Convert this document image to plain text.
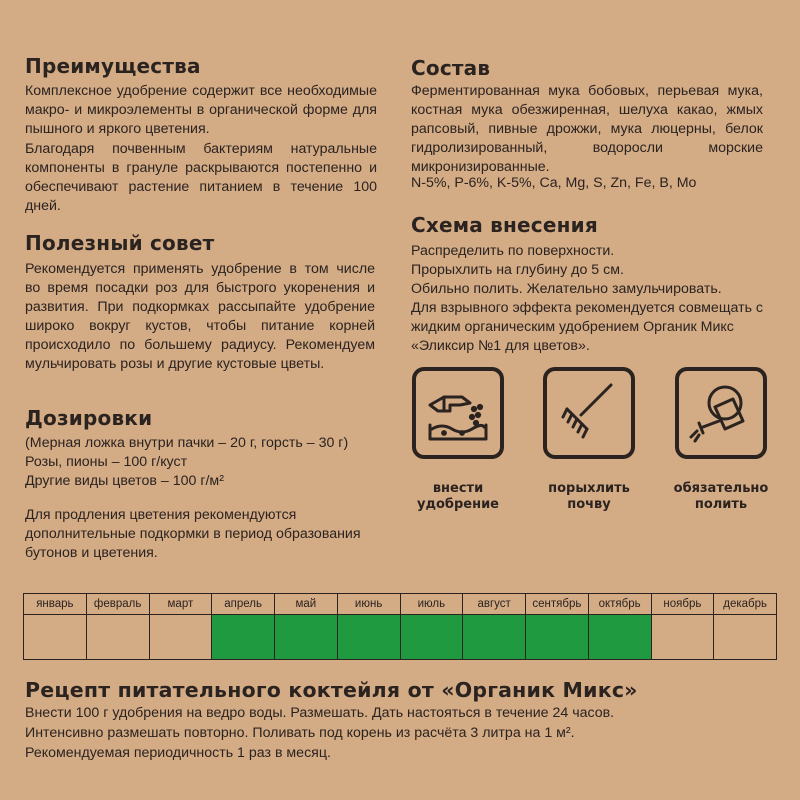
Преимущества

Комплексное удобрение содержит все необходимые макро- и микроэлементы в органической форме для пышного и яркого цветения.

Благодаря почвенным бактериям натуральные компоненты в грануле раскрываются постепенно и обеспечивают растение питанием в течение 100 дней.

Полезный совет

Рекомендуется применять удобрение в том числе во время посадки роз для быстрого укоренения и развития. При подкормках рассыпайте удобрение широко вокруг кустов, чтобы питание корней происходило по большему радиусу. Рекомендуем мульчировать розы и другие кустовые цветы.

Дозировки

(Мерная ложка внутри пачки – 20 г, горсть – 30 г)

Розы, пионы – 100 г/куст

Другие виды цветов – 100 г/м²

Для продления цветения рекомендуются дополнительные подкормки в период образования бутонов и цветения.

Состав

Ферментированная мука бобовых, перьевая мука, костная мука обезжиренная, шелуха какао, жмых рапсовый, пивные дрожжи, мука люцерны, белок гидролизированный, водоросли морские микронизированные.

N-5%, P-6%, K-5%, Ca, Mg, S, Zn, Fe, B, Mo

Схема внесения

Распределить по поверхности.

Прорыхлить на глубину до 5 см.

Обильно полить. Желательно замульчировать.

Для взрывного эффекта рекомендуется совмещать с жидким органическим удобрением Органик Микс «Эликсир №1 для цветов».

внести
удобрение
порыхлить
почву
обязательно
полить
январь	февраль	март	апрель	май	июнь	июль	август	сентябрь	октябрь	ноябрь	декабрь

Рецепт питательного коктейля от «Органик Микс»

Внести 100 г удобрения на ведро воды. Размешать. Дать настояться в течение 24 часов.

Интенсивно размешать повторно. Поливать под корень из расчёта 3 литра на 1 м².

Рекомендуемая периодичность 1 раз в месяц.
